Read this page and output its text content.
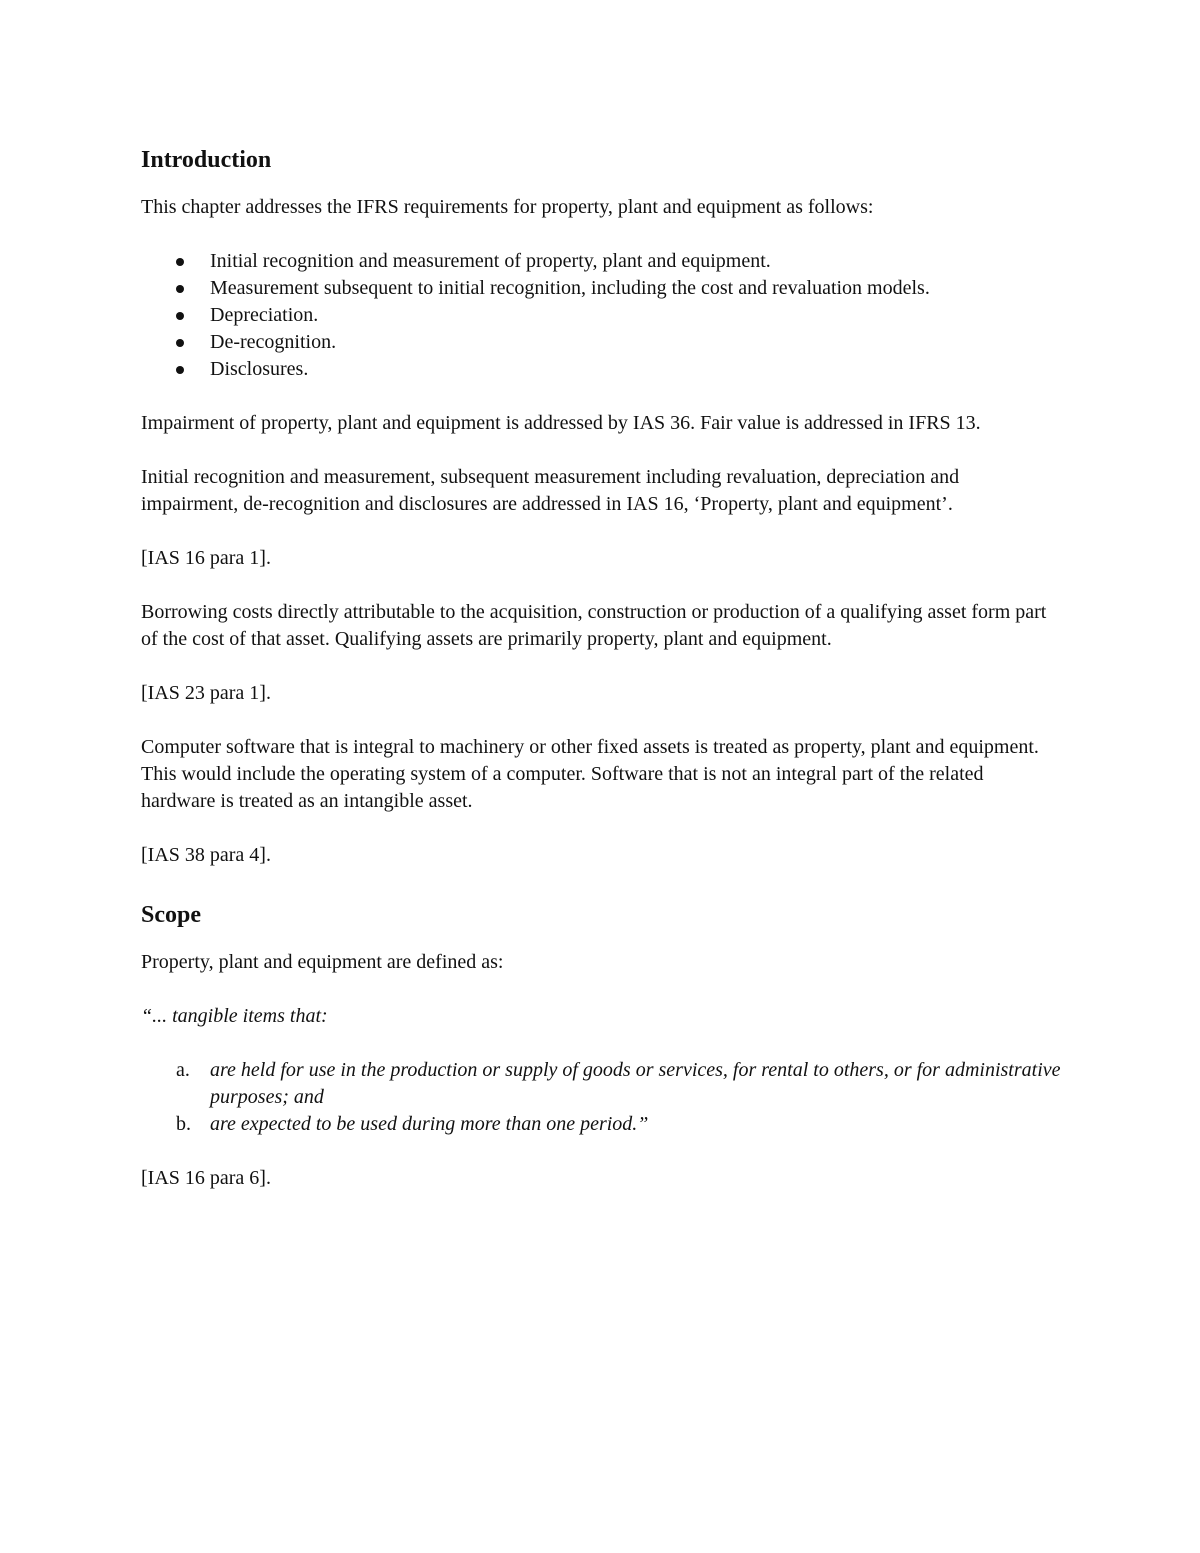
Introduction

This chapter addresses the IFRS requirements for property, plant and equipment as follows:

Initial recognition and measurement of property, plant and equipment.
Measurement subsequent to initial recognition, including the cost and revaluation models.
Depreciation.
De-recognition.
Disclosures.

Impairment of property, plant and equipment is addressed by IAS 36. Fair value is addressed in IFRS 13.

Initial recognition and measurement, subsequent measurement including revaluation, depreciation and impairment, de-recognition and disclosures are addressed in IAS 16, ‘Property, plant and equipment’.

[IAS 16 para 1].

Borrowing costs directly attributable to the acquisition, construction or production of a qualifying asset form part of the cost of that asset. Qualifying assets are primarily property, plant and equipment.

[IAS 23 para 1].

Computer software that is integral to machinery or other fixed assets is treated as property, plant and equipment. This would include the operating system of a computer. Software that is not an integral part of the related hardware is treated as an intangible asset.

[IAS 38 para 4].

Scope

Property, plant and equipment are defined as:

“... tangible items that:

a. are held for use in the production or supply of goods or services, for rental to others, or for administrative purposes; and
b. are expected to be used during more than one period.”

[IAS 16 para 6].
